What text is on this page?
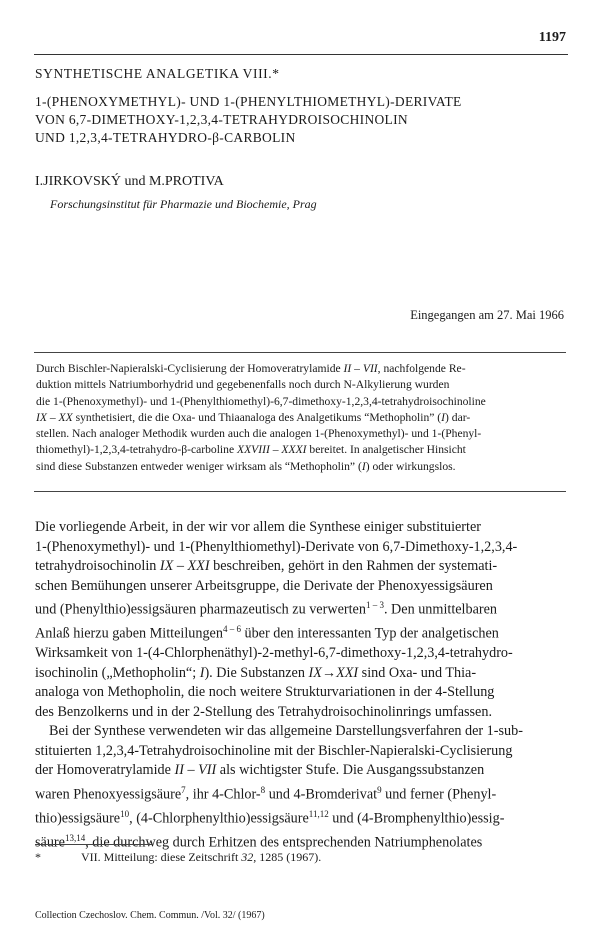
1197
SYNTHETISCHE ANALGETIKA VIII.*
1-(PHENOXYMETHYL)- UND 1-(PHENYLTHIOMETHYL)-DERIVATE
VON 6,7-DIMETHOXY-1,2,3,4-TETRAHYDROISOCHINOLIN
UND 1,2,3,4-TETRAHYDRO-β-CARBOLIN
I.JIRKOVSKÝ und M.PROTIVA
Forschungsinstitut für Pharmazie und Biochemie, Prag
Eingegangen am 27. Mai 1966
Durch Bischler-Napieralski-Cyclisierung der Homoveratrylamide II – VII, nachfolgende Re-
duktion mittels Natriumborhydrid und gegebenenfalls noch durch N-Alkylierung wurden
die 1-(Phenoxymethyl)- und 1-(Phenylthiomethyl)-6,7-dimethoxy-1,2,3,4-tetrahydroisochinoline
IX – XX synthetisiert, die die Oxa- und Thiaanaloga des Analgetikums “Methopholin” (I) dar-
stellen. Nach analoger Methodik wurden auch die analogen 1-(Phenoxymethyl)- und 1-(Phenyl-
thiomethyl)-1,2,3,4-tetrahydro-β-carboline XXVIII – XXXI bereitet. In analgetischer Hinsicht
sind diese Substanzen entweder weniger wirksam als “Methopholin” (I) oder wirkungslos.
Die vorliegende Arbeit, in der wir vor allem die Synthese einiger substituierter
1-(Phenoxymethyl)- und 1-(Phenylthiomethyl)-Derivate von 6,7-Dimethoxy-1,2,3,4-
tetrahydroisochinolin IX – XXI beschreiben, gehört in den Rahmen der systemati-
schen Bemühungen unserer Arbeitsgruppe, die Derivate der Phenoxyessigsäuren
und (Phenylthio)essigsäuren pharmazeutisch zu verwerten$^{1 - 3}$. Den unmittelbaren
Anlaß hierzu gaben Mitteilungen$^{4 - 6}$ über den interessanten Typ der analgetischen
Wirksamkeit von 1-(4-Chlorphenäthyl)-2-methyl-6,7-dimethoxy-1,2,3,4-tetrahydro-
isochinolin („Methopholin“; I). Die Substanzen IX→XXI sind Oxa- und Thia-
analoga von Methopholin, die noch weitere Strukturvariationen in der 4-Stellung
des Benzolkerns und in der 2-Stellung des Tetrahydroisochinolinrings umfassen.
Bei der Synthese verwendeten wir das allgemeine Darstellungsverfahren der 1-sub-
stituierten 1,2,3,4-Tetrahydroisochinoline mit der Bischler-Napieralski-Cyclisierung
der Homoveratrylamide II – VII als wichtigster Stufe. Die Ausgangssubstanzen
waren Phenoxyessigsäure$^7$, ihr 4-Chlor-$^8$ und 4-Bromderivat$^9$ und ferner (Phenyl-
thio)essigsäure$^{10}$, (4-Chlorphenylthio)essigsäure$^{11,12}$ und (4-Bromphenylthio)essig-
säure$^{13,14}$, die durchweg durch Erhitzen des entsprechenden Natriumphenolates
*	VII. Mitteilung: diese Zeitschrift 32, 1285 (1967).
Collection Czechoslov. Chem. Commun. /Vol. 32/ (1967)
